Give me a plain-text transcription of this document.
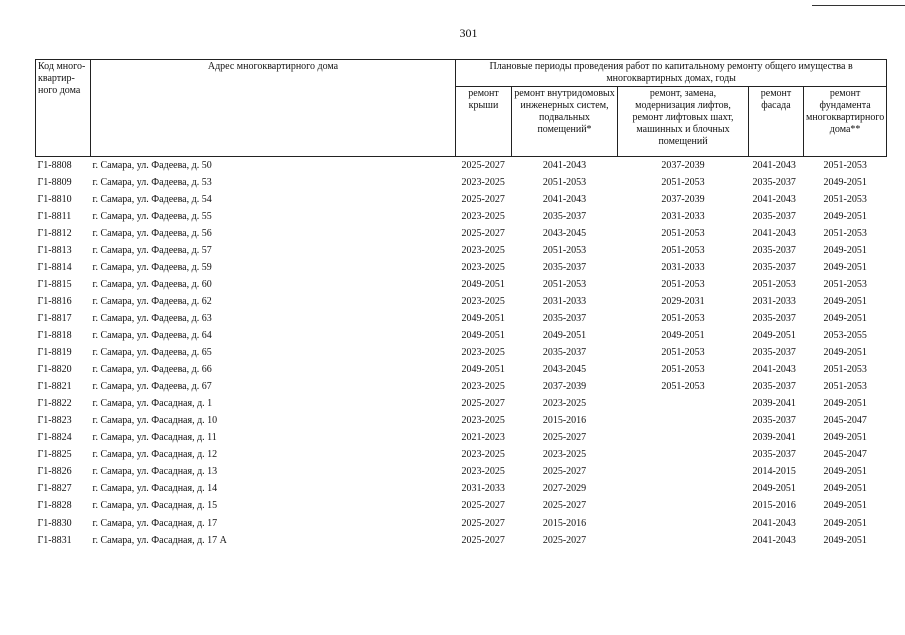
301
Код много-квартир-ного дома	Адрес многоквартирного дома	Плановые периоды проведения работ по капитальному ремонту общего имущества в многоквартирных домах, годы				
		ремонт крыши	ремонт внутридомовых инженерных систем, подвальных помещений*	ремонт, замена, модернизация лифтов, ремонт лифтовых шахт, машинных и блочных помещений	ремонт фасада	ремонт фундамента многоквартирного дома**
Г1-8808	г. Самара, ул. Фадеева, д. 50	2025-2027	2041-2043	2037-2039	2041-2043	2051-2053
Г1-8809	г. Самара, ул. Фадеева, д. 53	2023-2025	2051-2053	2051-2053	2035-2037	2049-2051
Г1-8810	г. Самара, ул. Фадеева, д. 54	2025-2027	2041-2043	2037-2039	2041-2043	2051-2053
Г1-8811	г. Самара, ул. Фадеева, д. 55	2023-2025	2035-2037	2031-2033	2035-2037	2049-2051
Г1-8812	г. Самара, ул. Фадеева, д. 56	2025-2027	2043-2045	2051-2053	2041-2043	2051-2053
Г1-8813	г. Самара, ул. Фадеева, д. 57	2023-2025	2051-2053	2051-2053	2035-2037	2049-2051
Г1-8814	г. Самара, ул. Фадеева, д. 59	2023-2025	2035-2037	2031-2033	2035-2037	2049-2051
Г1-8815	г. Самара, ул. Фадеева, д. 60	2049-2051	2051-2053	2051-2053	2051-2053	2051-2053
Г1-8816	г. Самара, ул. Фадеева, д. 62	2023-2025	2031-2033	2029-2031	2031-2033	2049-2051
Г1-8817	г. Самара, ул. Фадеева, д. 63	2049-2051	2035-2037	2051-2053	2035-2037	2049-2051
Г1-8818	г. Самара, ул. Фадеева, д. 64	2049-2051	2049-2051	2049-2051	2049-2051	2053-2055
Г1-8819	г. Самара, ул. Фадеева, д. 65	2023-2025	2035-2037	2051-2053	2035-2037	2049-2051
Г1-8820	г. Самара, ул. Фадеева, д. 66	2049-2051	2043-2045	2051-2053	2041-2043	2051-2053
Г1-8821	г. Самара, ул. Фадеева, д. 67	2023-2025	2037-2039	2051-2053	2035-2037	2051-2053
Г1-8822	г. Самара, ул. Фасадная, д. 1	2025-2027	2023-2025		2039-2041	2049-2051
Г1-8823	г. Самара, ул. Фасадная, д. 10	2023-2025	2015-2016		2035-2037	2045-2047
Г1-8824	г. Самара, ул. Фасадная, д. 11	2021-2023	2025-2027		2039-2041	2049-2051
Г1-8825	г. Самара, ул. Фасадная, д. 12	2023-2025	2023-2025		2035-2037	2045-2047
Г1-8826	г. Самара, ул. Фасадная, д. 13	2023-2025	2025-2027		2014-2015	2049-2051
Г1-8827	г. Самара, ул. Фасадная, д. 14	2031-2033	2027-2029		2049-2051	2049-2051
Г1-8828	г. Самара, ул. Фасадная, д. 15	2025-2027	2025-2027		2015-2016	2049-2051
Г1-8830	г. Самара, ул. Фасадная, д. 17	2025-2027	2015-2016		2041-2043	2049-2051
Г1-8831	г. Самара, ул. Фасадная, д. 17 А	2025-2027	2025-2027		2041-2043	2049-2051
